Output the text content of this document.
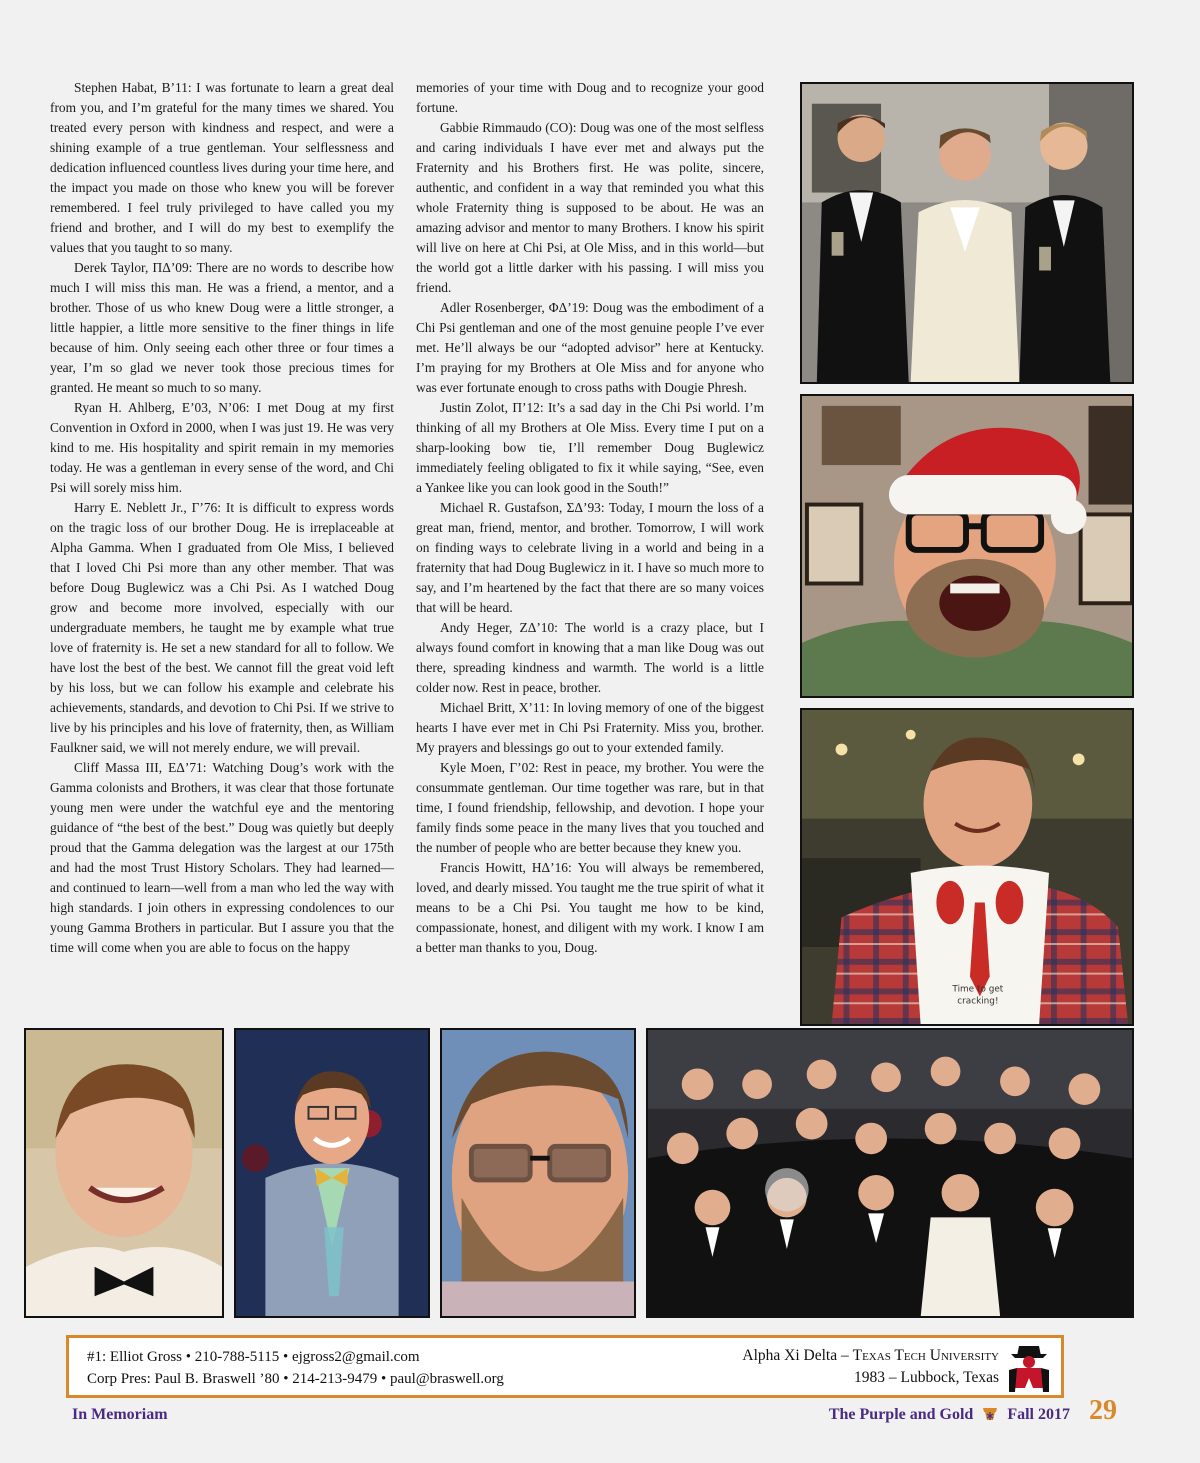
Stephen Habat, B’11: I was fortunate to learn a great deal from you, and I’m grateful for the many times we shared. You treated every person with kindness and respect, and were a shining example of a true gentleman. Your selflessness and dedication influenced countless lives during your time here, and the impact you made on those who knew you will be forever remembered. I feel truly privileged to have called you my friend and brother, and I will do my best to exemplify the values that you taught to so many.

Derek Taylor, ΠΔ’09: There are no words to describe how much I will miss this man. He was a friend, a mentor, and a brother. Those of us who knew Doug were a little stronger, a little happier, a little more sensitive to the finer things in life because of him. Only seeing each other three or four times a year, I’m so glad we never took those precious times for granted. He meant so much to so many.

Ryan H. Ahlberg, E’03, N’06: I met Doug at my first Convention in Oxford in 2000, when I was just 19. He was very kind to me. His hospitality and spirit remain in my memories today. He was a gentleman in every sense of the word, and Chi Psi will sorely miss him.

Harry E. Neblett Jr., Γ’76: It is difficult to express words on the tragic loss of our brother Doug. He is irreplaceable at Alpha Gamma. When I graduated from Ole Miss, I believed that I loved Chi Psi more than any other member. That was before Doug Buglewicz was a Chi Psi. As I watched Doug grow and become more involved, especially with our undergraduate members, he taught me by example what true love of fraternity is. He set a new standard for all to follow. We have lost the best of the best. We cannot fill the great void left by his loss, but we can follow his example and celebrate his achievements, standards, and devotion to Chi Psi. If we strive to live by his principles and his love of fraternity, then, as William Faulkner said, we will not merely endure, we will prevail.

Cliff Massa III, EΔ’71: Watching Doug’s work with the Gamma colonists and Brothers, it was clear that those fortunate young men were under the watchful eye and the mentoring guidance of “the best of the best.” Doug was quietly but deeply proud that the Gamma delegation was the largest at our 175th and had the most Trust History Scholars. They had learned—and continued to learn—well from a man who led the way with high standards. I join others in expressing condolences to our young Gamma Brothers in particular. But I assure you that the time will come when you are able to focus on the happy

memories of your time with Doug and to recognize your good fortune.

Gabbie Rimmaudo (CO): Doug was one of the most selfless and caring individuals I have ever met and always put the Fraternity and his Brothers first. He was polite, sincere, authentic, and confident in a way that reminded you what this whole Fraternity thing is supposed to be about. He was an amazing advisor and mentor to many Brothers. I know his spirit will live on here at Chi Psi, at Ole Miss, and in this world—but the world got a little darker with his passing. I will miss you friend.

Adler Rosenberger, ΦΔ’19: Doug was the embodiment of a Chi Psi gentleman and one of the most genuine people I’ve ever met. He’ll always be our “adopted advisor” here at Kentucky. I’m praying for my Brothers at Ole Miss and for anyone who was ever fortunate enough to cross paths with Dougie Phresh.

Justin Zolot, Π’12: It’s a sad day in the Chi Psi world. I’m thinking of all my Brothers at Ole Miss. Every time I put on a sharp-looking bow tie, I’ll remember Doug Buglewicz immediately feeling obligated to fix it while saying, “See, even a Yankee like you can look good in the South!”

Michael R. Gustafson, ΣΔ’93: Today, I mourn the loss of a great man, friend, mentor, and brother. Tomorrow, I will work on finding ways to celebrate living in a world and being in a fraternity that had Doug Buglewicz in it. I have so much more to say, and I’m heartened by the fact that there are so many voices that will be heard.

Andy Heger, ZΔ’10: The world is a crazy place, but I always found comfort in knowing that a man like Doug was out there, spreading kindness and warmth. The world is a little colder now. Rest in peace, brother.

Michael Britt, X’11: In loving memory of one of the biggest hearts I have ever met in Chi Psi Fraternity. Miss you, brother. My prayers and blessings go out to your extended family.

Kyle Moen, Γ’02: Rest in peace, my brother. You were the consummate gentleman. Our time together was rare, but in that time, I found friendship, fellowship, and devotion. I hope your family finds some peace in the many lives that you touched and the number of people who are better because they knew you.

Francis Howitt, HΔ’16: You will always be remembered, loved, and dearly missed. You taught me the true spirit of what it means to be a Chi Psi. You taught me how to be kind, compassionate, honest, and diligent with my work. I know I am a better man thanks to you, Doug.

Time to get
cracking!
#1: Elliot Gross • 210-788-5115 • ejgross2@gmail.com
Corp Pres: Paul B. Braswell ’80 • 214-213-9479 • paul@braswell.org
Alpha Xi Delta – Texas Tech University
1983 – Lubbock, Texas
In Memoriam	The Purple and Gold Fall 2017 29
